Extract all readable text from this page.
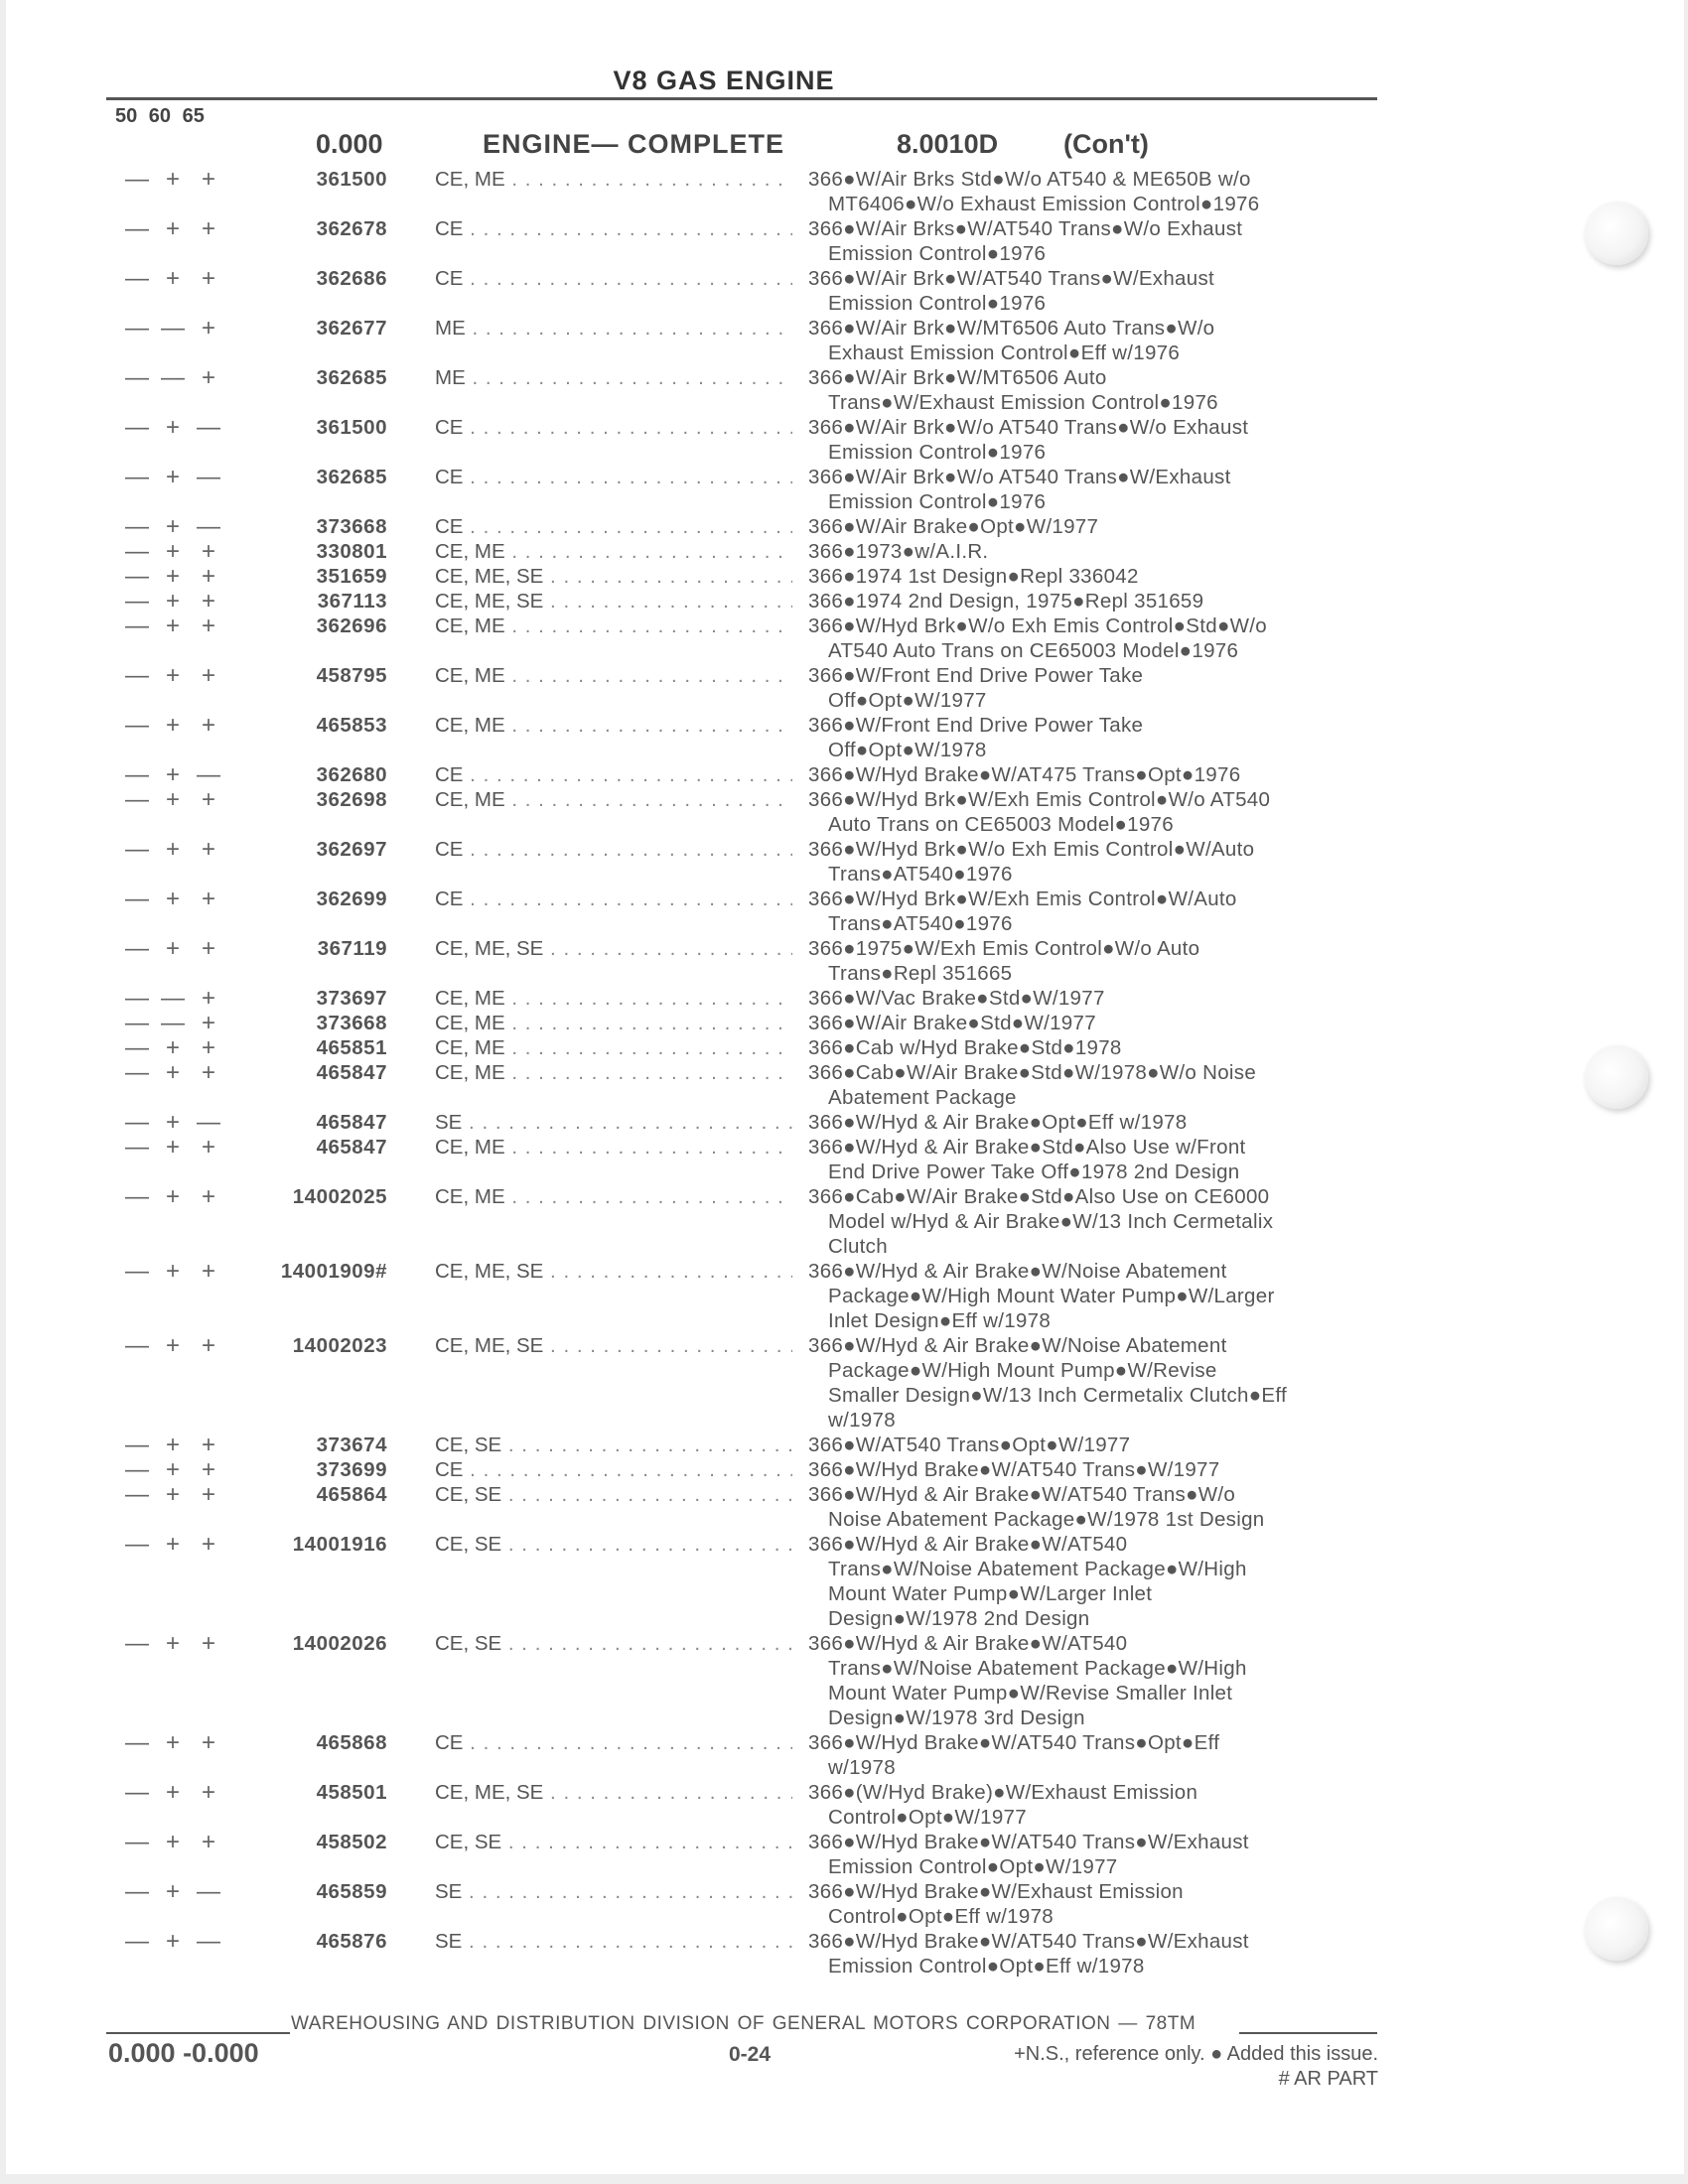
V8 GAS ENGINE
50 60 65
0.000	ENGINE— COMPLETE	8.0010D (Con't)
— + +	361500 CE, ME . . .	366●W/Air Brks Std●W/o AT540 & ME650B w/o
MT6406●W/o Exhaust Emission Control●1976
— + +	362678 CE . . .	366●W/Air Brks●W/AT540 Trans●W/o Exhaust
Emission Control●1976
— + +	362686 CE . . .	366●W/Air Brk●W/AT540 Trans●W/Exhaust
Emission Control●1976
— — +	362677 ME . . .	366●W/Air Brk●W/MT6506 Auto Trans●W/o
Exhaust Emission Control●Eff w/1976
— — +	362685 ME . . .	366●W/Air Brk●W/MT6506 Auto
Trans●W/Exhaust Emission Control●1976
— + —	361500 CE . . .	366●W/Air Brk●W/o AT540 Trans●W/o Exhaust
Emission Control●1976
— + —	362685 CE . . .	366●W/Air Brk●W/o AT540 Trans●W/Exhaust
Emission Control●1976
— + —	373668 CE . . .	366●W/Air Brake●Opt●W/1977
— + +	330801 CE, ME . . .	366●1973●w/A.I.R.
— + +	351659 CE, ME, SE . . .	366●1974 1st Design●Repl 336042
— + +	367113 CE, ME, SE . . .	366●1974 2nd Design, 1975●Repl 351659
— + +	362696 CE, ME . . .	366●W/Hyd Brk●W/o Exh Emis Control●Std●W/o
AT540 Auto Trans on CE65003 Model●1976
— + +	458795 CE, ME . . .	366●W/Front End Drive Power Take
Off●Opt●W/1977
— + +	465853 CE, ME . . .	366●W/Front End Drive Power Take
Off●Opt●W/1978
— + —	362680 CE . . .	366●W/Hyd Brake●W/AT475 Trans●Opt●1976
— + +	362698 CE, ME . . .	366●W/Hyd Brk●W/Exh Emis Control●W/o AT540
Auto Trans on CE65003 Model●1976
— + +	362697 CE . . .	366●W/Hyd Brk●W/o Exh Emis Control●W/Auto
Trans●AT540●1976
— + +	362699 CE . . .	366●W/Hyd Brk●W/Exh Emis Control●W/Auto
Trans●AT540●1976
— + +	367119 CE, ME, SE . . .	366●1975●W/Exh Emis Control●W/o Auto
Trans●Repl 351665
— — +	373697 CE, ME . . .	366●W/Vac Brake●Std●W/1977
— — +	373668 CE, ME . . .	366●W/Air Brake●Std●W/1977
— + +	465851 CE, ME . . .	366●Cab w/Hyd Brake●Std●1978
— + +	465847 CE, ME . . .	366●Cab●W/Air Brake●Std●W/1978●W/o Noise
Abatement Package
— + —	465847 SE . . .	366●W/Hyd & Air Brake●Opt●Eff w/1978
— + +	465847 CE, ME . . .	366●W/Hyd & Air Brake●Std●Also Use w/Front
End Drive Power Take Off●1978 2nd Design
— + +	14002025 CE, ME . . .	366●Cab●W/Air Brake●Std●Also Use on CE6000
Model w/Hyd & Air Brake●W/13 Inch Cermetalix
Clutch
— + +	14001909# CE, ME, SE . . .	366●W/Hyd & Air Brake●W/Noise Abatement
Package●W/High Mount Water Pump●W/Larger
Inlet Design●Eff w/1978
— + +	14002023 CE, ME, SE . . .	366●W/Hyd & Air Brake●W/Noise Abatement
Package●W/High Mount Pump●W/Revise
Smaller Design●W/13 Inch Cermetalix Clutch●Eff
w/1978
— + +	373674 CE, SE . . .	366●W/AT540 Trans●Opt●W/1977
— + +	373699 CE . . .	366●W/Hyd Brake●W/AT540 Trans●W/1977
— + +	465864 CE, SE . . .	366●W/Hyd & Air Brake●W/AT540 Trans●W/o
Noise Abatement Package●W/1978 1st Design
— + +	14001916 CE, SE . . .	366●W/Hyd & Air Brake●W/AT540
Trans●W/Noise Abatement Package●W/High
Mount Water Pump●W/Larger Inlet
Design●W/1978 2nd Design
— + +	14002026 CE, SE . . .	366●W/Hyd & Air Brake●W/AT540
Trans●W/Noise Abatement Package●W/High
Mount Water Pump●W/Revise Smaller Inlet
Design●W/1978 3rd Design
— + +	465868 CE . . .	366●W/Hyd Brake●W/AT540 Trans●Opt●Eff
w/1978
— + +	458501 CE, ME, SE . . .	366●(W/Hyd Brake)●W/Exhaust Emission
Control●Opt●W/1977
— + +	458502 CE, SE . . .	366●W/Hyd Brake●W/AT540 Trans●W/Exhaust
Emission Control●Opt●W/1977
— + —	465859 SE . . .	366●W/Hyd Brake●W/Exhaust Emission
Control●Opt●Eff w/1978
— + —	465876 SE . . .	366●W/Hyd Brake●W/AT540 Trans●W/Exhaust
Emission Control●Opt●Eff w/1978
WAREHOUSING AND DISTRIBUTION DIVISION OF GENERAL MOTORS CORPORATION — 78TM
0.000 -0.000	0-24	+N.S., reference only. ● Added this issue.
# AR PART
